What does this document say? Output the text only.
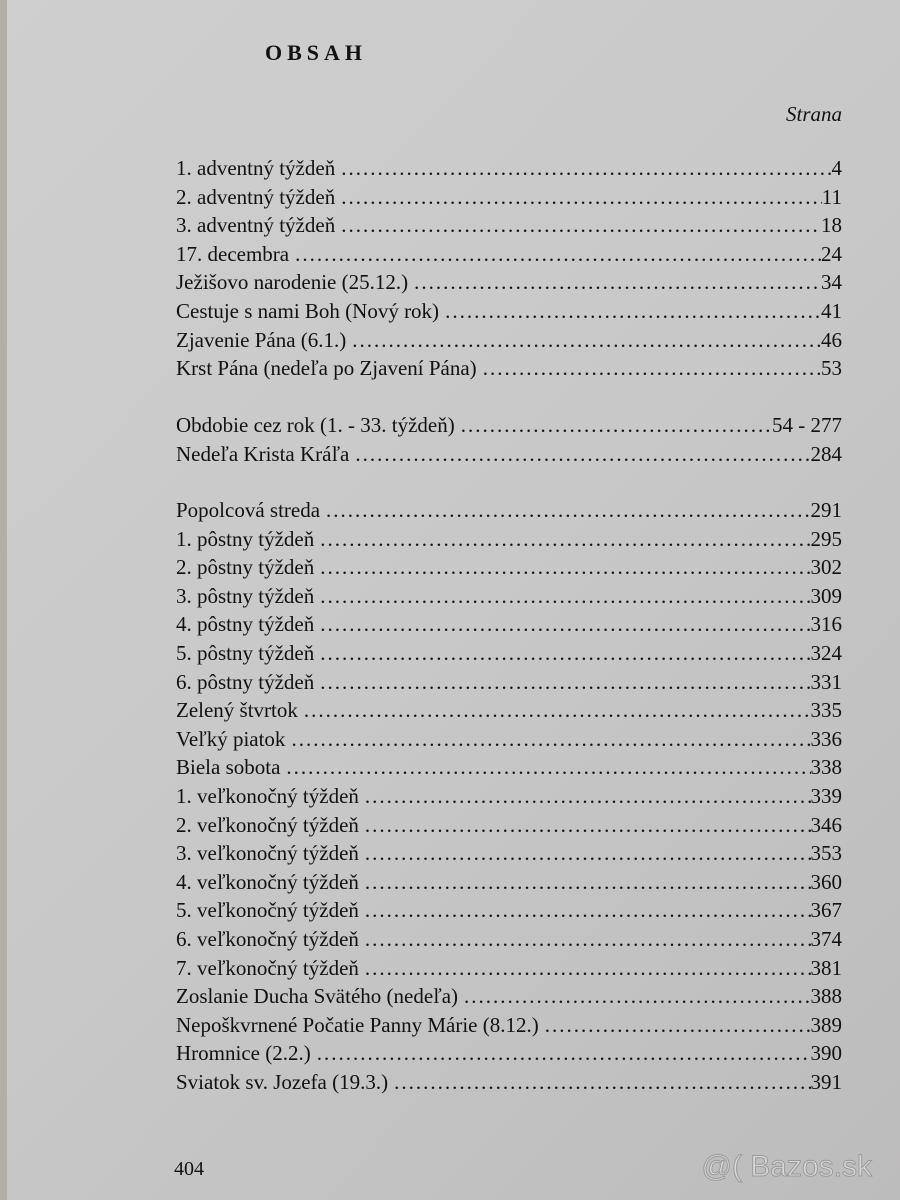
OBSAH
Strana
1. adventný týždeň .....	4
2. adventný týždeň .....	11
3. adventný týždeň .....	18
17. decembra .....	24
Ježišovo narodenie (25.12.) .....	34
Cestuje s nami Boh (Nový rok) .....	41
Zjavenie Pána (6.1.) .....	46
Krst Pána (nedeľa po Zjavení Pána) .....	53
Obdobie cez rok (1. - 33. týždeň) .....	54 - 277
Nedeľa Krista Kráľa .....	284
Popolcová streda .....	291
1. pôstny týždeň .....	295
2. pôstny týždeň .....	302
3. pôstny týždeň .....	309
4. pôstny týždeň .....	316
5. pôstny týždeň .....	324
6. pôstny týždeň .....	331
Zelený štvrtok .....	335
Veľký piatok .....	336
Biela sobota .....	338
1. veľkonočný týždeň .....	339
2. veľkonočný týždeň .....	346
3. veľkonočný týždeň .....	353
4. veľkonočný týždeň .....	360
5. veľkonočný týždeň .....	367
6. veľkonočný týždeň .....	374
7. veľkonočný týždeň .....	381
Zoslanie Ducha Svätého (nedeľa) .....	388
Nepoškvrnené Počatie Panny Márie (8.12.) .....	389
Hromnice (2.2.) .....	390
Sviatok sv. Jozefa (19.3.) .....	391
404	@( Bazos.sk
